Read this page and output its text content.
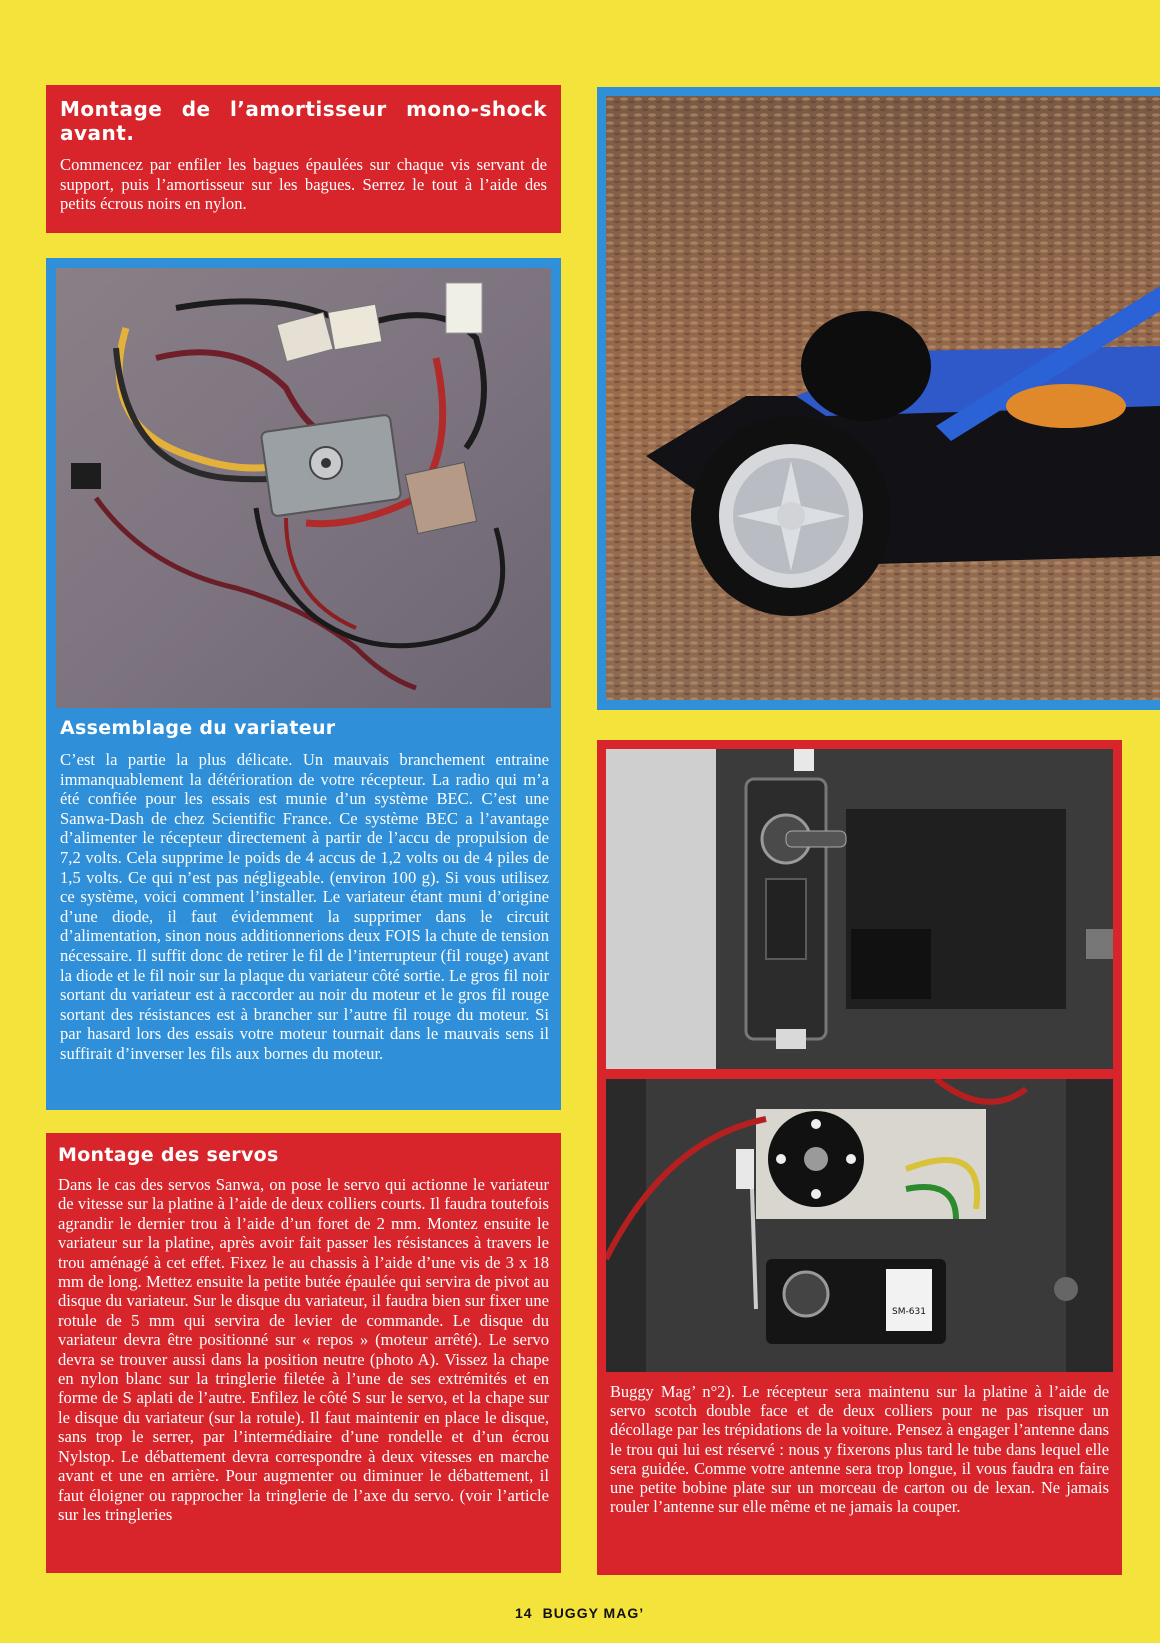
Montage de l’amortisseur mono-shock avant.

Commencez par enfiler les bagues épaulées sur chaque vis servant de support, puis l’amortisseur sur les bagues. Serrez le tout à l’aide des petits écrous noirs en nylon.

Assemblage du variateur

C’est la partie la plus délicate. Un mauvais branchement entraine immanquablement la détérioration de votre récepteur. La radio qui m’a été confiée pour les essais est munie d’un système BEC. C’est une Sanwa-Dash de chez Scientific France. Ce système BEC a l’avantage d’alimenter le récepteur directement à partir de l’accu de propulsion de 7,2 volts. Cela supprime le poids de 4 accus de 1,2 volts ou de 4 piles de 1,5 volts. Ce qui n’est pas négligeable. (environ 100 g). Si vous utilisez ce système, voici comment l’installer. Le variateur étant muni d’origine d’une diode, il faut évidemment la supprimer dans le circuit d’alimentation, sinon nous additionnerions deux FOIS la chute de tension nécessaire. Il suffit donc de retirer le fil de l’interrupteur (fil rouge) avant la diode et le fil noir sur la plaque du variateur côté sortie. Le gros fil noir sortant du variateur est à raccorder au noir du moteur et le gros fil rouge sortant des résistances est à brancher sur l’autre fil rouge du moteur. Si par hasard lors des essais votre moteur tournait dans le mauvais sens il suffirait d’inverser les fils aux bornes du moteur.

Montage des servos

Dans le cas des servos Sanwa, on pose le servo qui actionne le variateur de vitesse sur la platine à l’aide de deux colliers courts. Il faudra toutefois agrandir le dernier trou à l’aide d’un foret de 2 mm. Montez ensuite le variateur sur la platine, après avoir fait passer les résistances à travers le trou aménagé à cet effet. Fixez le au chassis à l’aide d’une vis de 3 x 18 mm de long. Mettez ensuite la petite butée épaulée qui servira de pivot au disque du variateur. Sur le disque du variateur, il faudra bien sur fixer une rotule de 5 mm qui servira de levier de commande. Le disque du variateur devra être positionné sur « repos » (moteur arrêté). Le servo devra se trouver aussi dans la position neutre (photo A). Vissez la chape en nylon blanc sur la tringlerie filetée à l’une de ses extrémités et en forme de S aplati de l’autre. Enfilez le côté S sur le servo, et la chape sur le disque du variateur (sur la rotule). Il faut maintenir en place le disque, sans trop le serrer, par l’intermédiaire d’une rondelle et d’un écrou Nylstop. Le débattement devra correspondre à deux vitesses en marche avant et une en arrière. Pour augmenter ou diminuer le débattement, il faut éloigner ou rapprocher la tringlerie de l’axe du servo. (voir l’article sur les tringleries

SM-631

Buggy Mag’ n°2). Le récepteur sera maintenu sur la platine à l’aide de servo scotch double face et de deux colliers pour ne pas risquer un décollage par les trépidations de la voiture. Pensez à engager l’antenne dans le trou qui lui est réservé : nous y fixerons plus tard le tube dans lequel elle sera guidée. Comme votre antenne sera trop longue, il vous faudra en faire une petite bobine plate sur un morceau de carton ou de lexan. Ne jamais rouler l’antenne sur elle même et ne jamais la couper.

14 BUGGY MAG’
